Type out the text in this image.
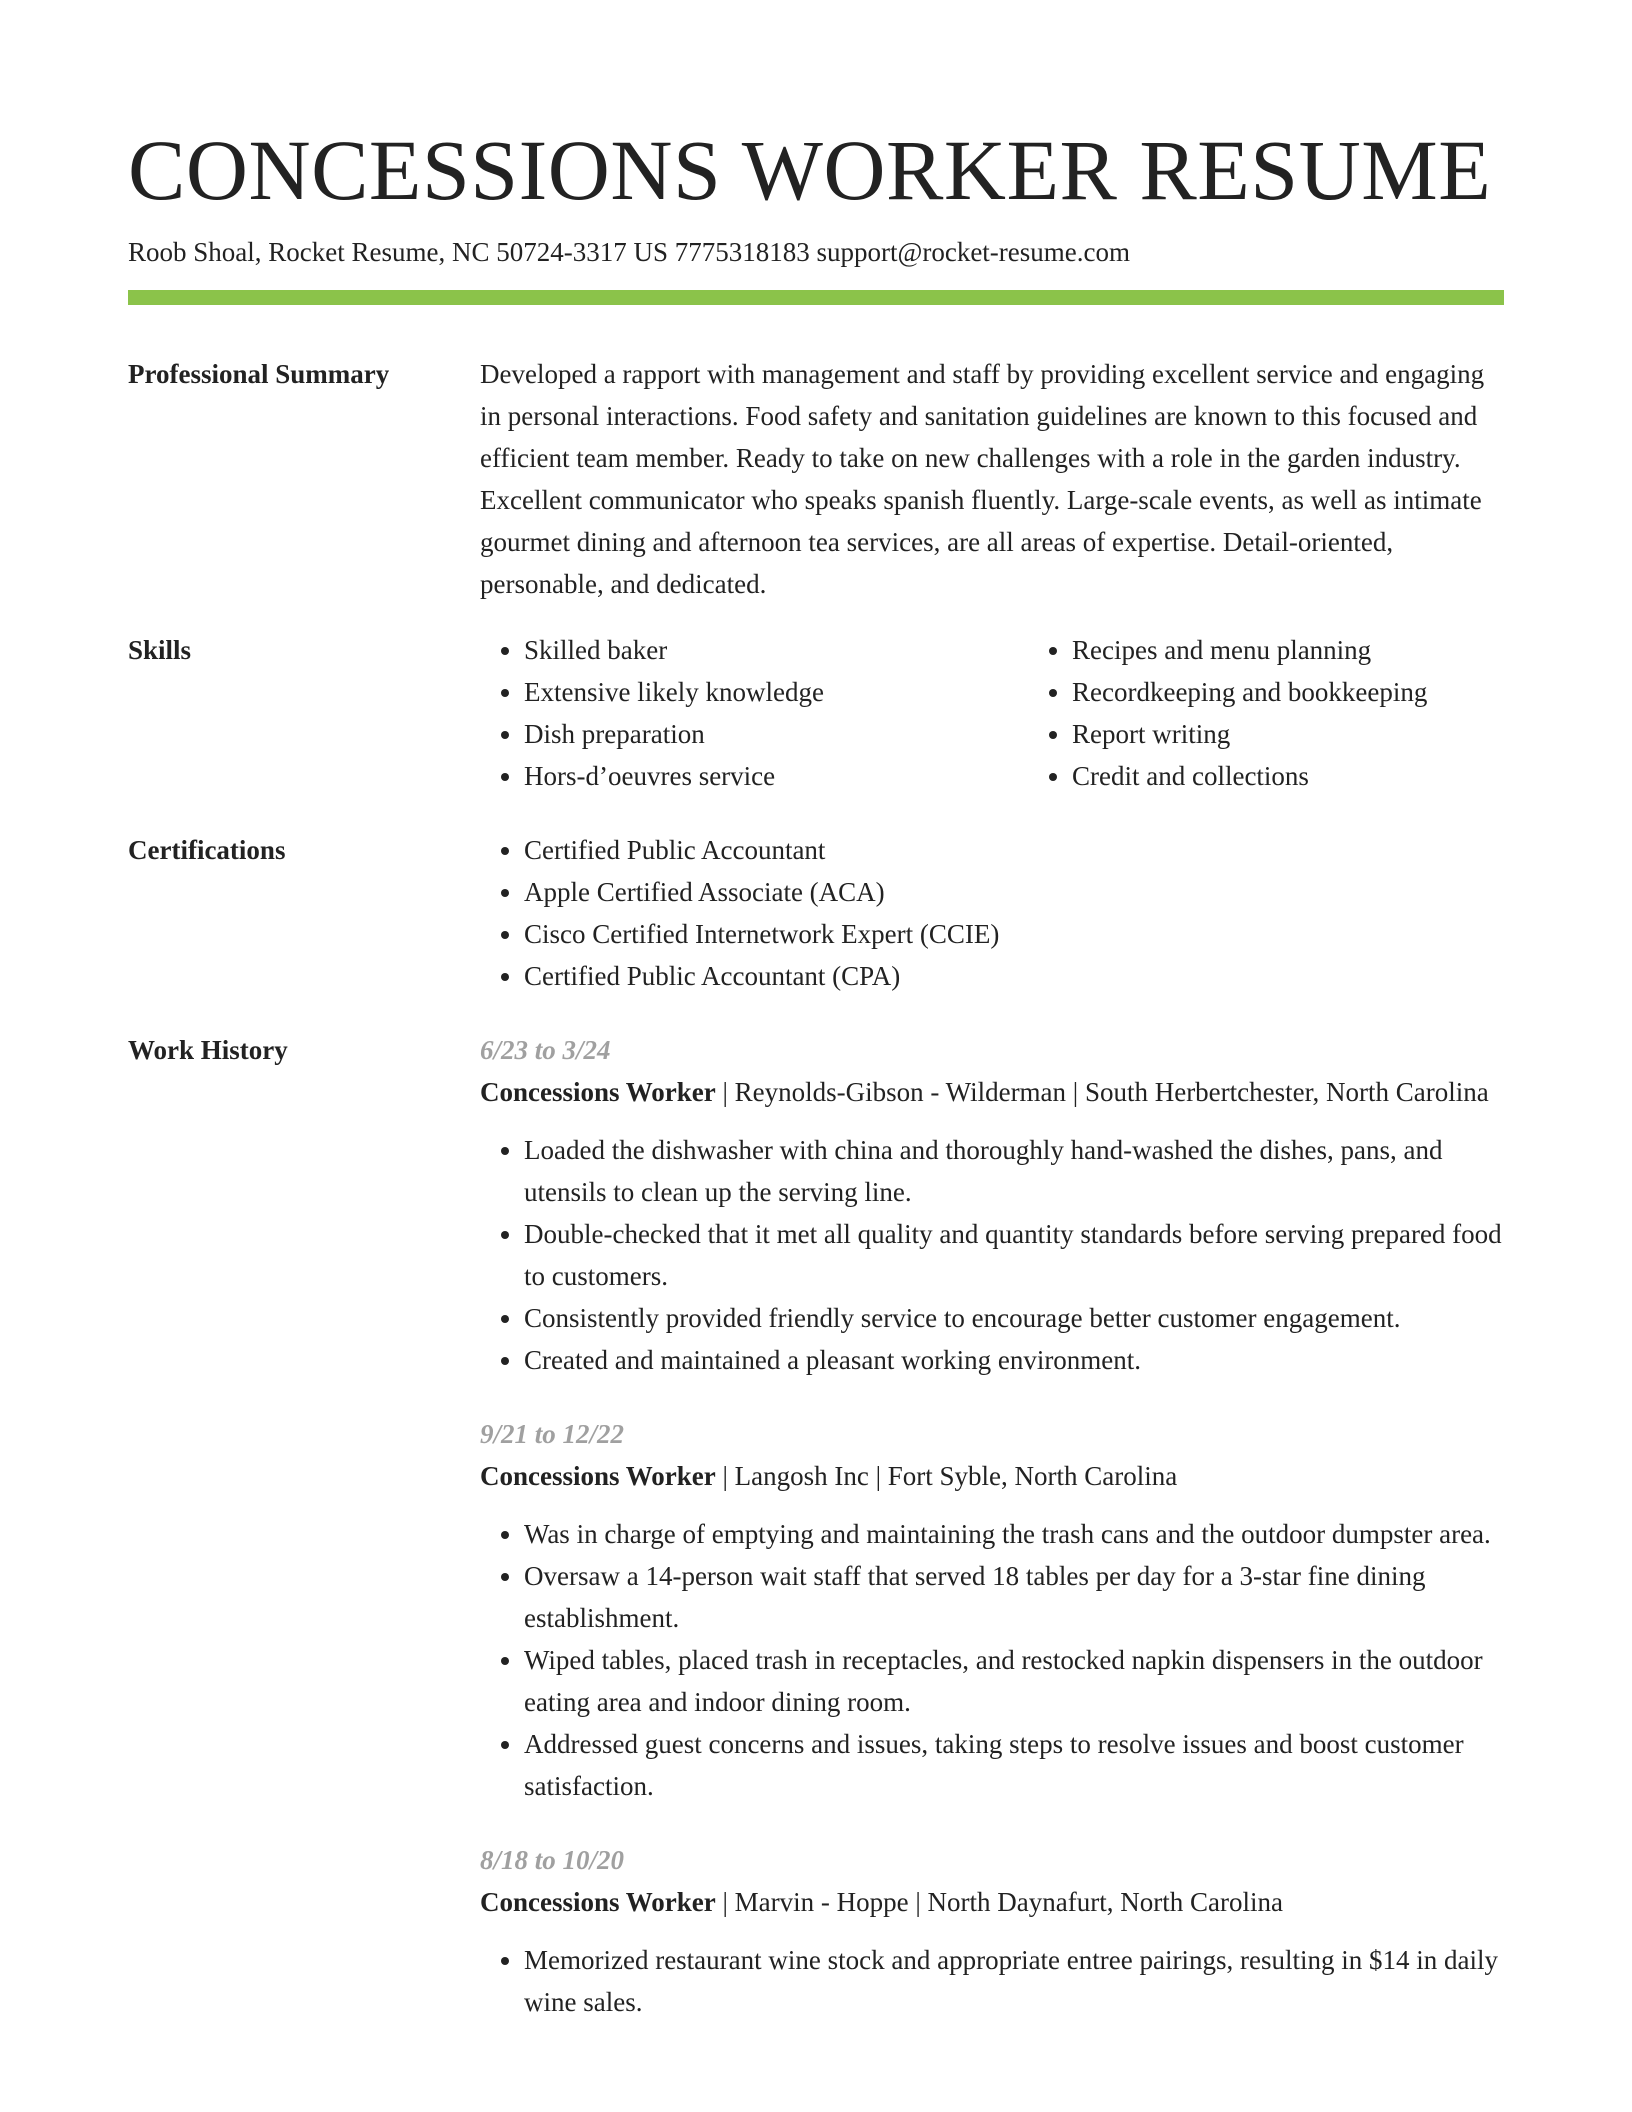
CONCESSIONS WORKER RESUME
Roob Shoal, Rocket Resume, NC 50724-3317 US 7775318183 support@rocket-resume.com
Professional Summary	Developed a rapport with management and staff by providing excellent service and engaging in personal interactions. Food safety and sanitation guidelines are known to this focused and efficient team member. Ready to take on new challenges with a role in the garden industry. Excellent communicator who speaks spanish fluently. Large-scale events, as well as intimate gourmet dining and afternoon tea services, are all areas of expertise. Detail-oriented, personable, and dedicated.

Skills	• Skilled baker
• Extensive likely knowledge
• Dish preparation
• Hors-d’oeuvres service
• Recipes and menu planning
• Recordkeeping and bookkeeping
• Report writing
• Credit and collections
Certifications	• Certified Public Accountant
• Apple Certified Associate (ACA)
• Cisco Certified Internetwork Expert (CCIE)
• Certified Public Accountant (CPA)
Work History	6/23 to 3/24
Concessions Worker | Reynolds-Gibson - Wilderman | South Herbertchester, North Carolina
• Loaded the dishwasher with china and thoroughly hand-washed the dishes, pans, and utensils to clean up the serving line.
• Double-checked that it met all quality and quantity standards before serving prepared food to customers.
• Consistently provided friendly service to encourage better customer engagement.
• Created and maintained a pleasant working environment.
9/21 to 12/22
Concessions Worker | Langosh Inc | Fort Syble, North Carolina
• Was in charge of emptying and maintaining the trash cans and the outdoor dumpster area.
• Oversaw a 14-person wait staff that served 18 tables per day for a 3-star fine dining establishment.
• Wiped tables, placed trash in receptacles, and restocked napkin dispensers in the outdoor eating area and indoor dining room.
• Addressed guest concerns and issues, taking steps to resolve issues and boost customer satisfaction.
8/18 to 10/20
Concessions Worker | Marvin - Hoppe | North Daynafurt, North Carolina
• Memorized restaurant wine stock and appropriate entree pairings, resulting in $14 in daily wine sales.
